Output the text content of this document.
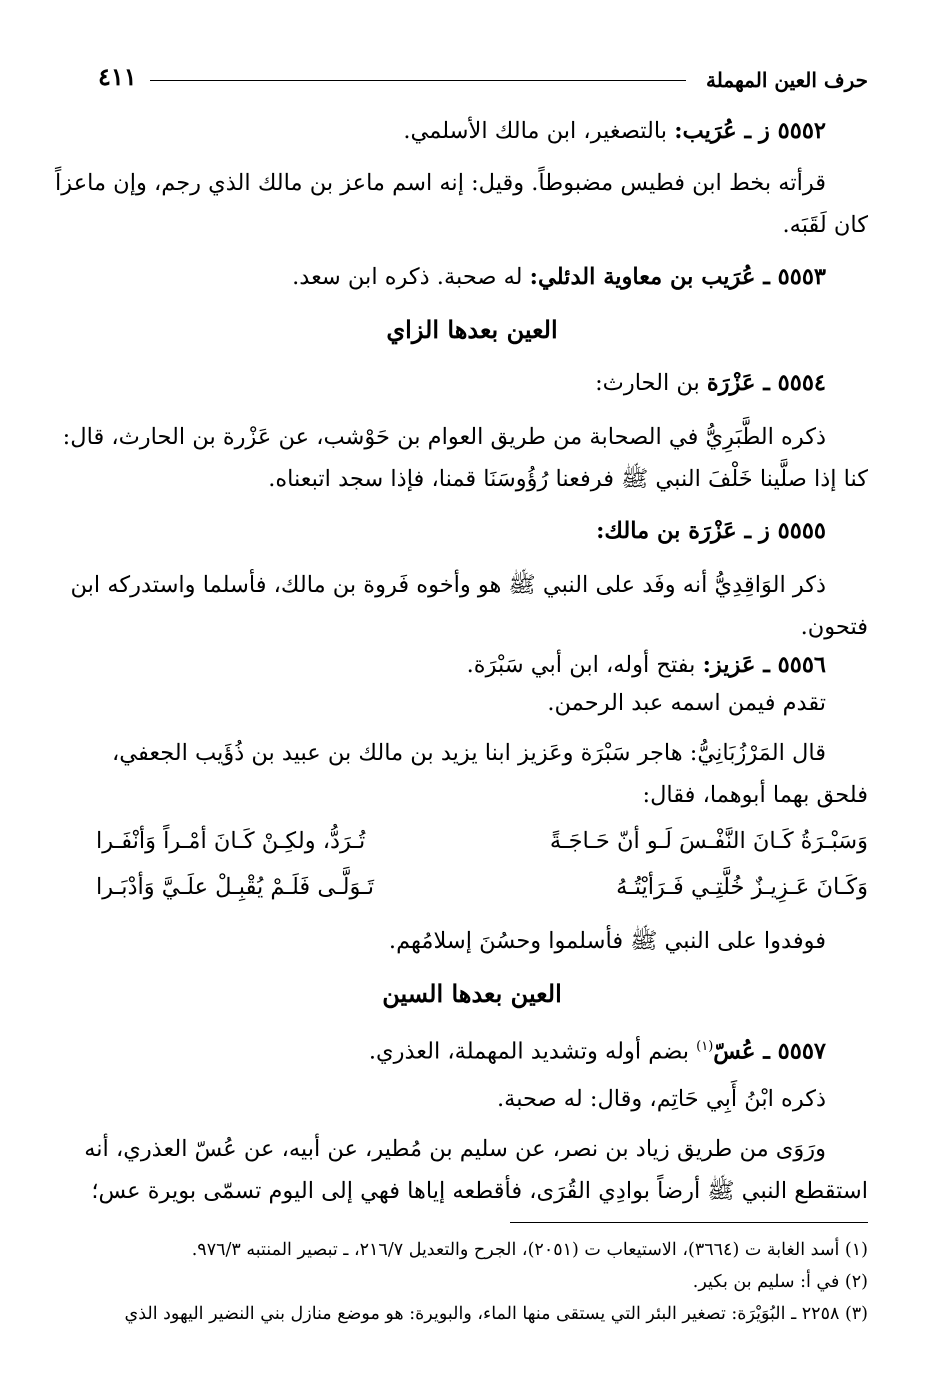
حرف العين المهملة
٤١١
٥٥٥٢ ز ـ عُرَيب: بالتصغير، ابن مالك الأسلمي.
قرأته بخط ابن فطيس مضبوطاً. وقيل: إنه اسم ماعز بن مالك الذي رجم، وإن ماعزاً
كان لَقَبَه.
٥٥٥٣ ـ عُرَيب بن معاوية الدئلي: له صحبة. ذكره ابن سعد.
العين بعدها الزاي
٥٥٥٤ ـ عَزْرَة بن الحارث:
ذكره الطَّبَرِيُّ في الصحابة من طريق العوام بن حَوْشب، عن عَزْرة بن الحارث، قال:
كنا إذا صلَّينا خَلْفَ النبي ﷺ فرفعنا رُؤُوسَنَا قمنا، فإذا سجد اتبعناه.
٥٥٥٥ ز ـ عَزْرَة بن مالك:
ذكر الوَاقِدِيُّ أنه وفَد على النبي ﷺ هو وأخوه فَروة بن مالك، فأسلما واستدركه ابن
فتحون.
٥٥٥٦ ـ عَزيز: بفتح أوله، ابن أبي سَبْرَة.
تقدم فيمن اسمه عبد الرحمن.
قال المَرْزُبَانِيُّ: هاجر سَبْرَة وعَزيز ابنا يزيد بن مالك بن عبيد بن ذُؤَيب الجعفي،
فلحق بهما أبوهما، فقال:
وَسَبْـرَةُ كَـانَ النَّفْـسَ لَـو أنّ حَـاجَـةً
تُـرَدُّ، ولكِـنْ كَـانَ أمْـراً وَأنْفَـرا
وَكَـانَ عَـزِيـزٌ خُلَّتِـي فَـرَأيْتُـهُ
تَـوَلَّـى فَلَـمْ يُقْبِـلْ علَـيَّ وَأدْبَـرا
فوفدوا على النبي ﷺ فأسلموا وحسُنَ إسلامُهم.
العين بعدها السين
٥٥٥٧ ـ عُسّ$^{(١)}$ بضم أوله وتشديد المهملة، العذري.
ذكره ابْنُ أَبِي حَاتِم، وقال: له صحبة.
ورَوَى من طريق زياد بن نصر، عن سليم بن مُطير، عن أبيه، عن عُسّ العذري، أنه
استقطع النبي ﷺ أرضاً بوادِي القُرَى، فأقطعه إياها فهي إلى اليوم تسمّى بويرة عس؛
(١) أسد الغابة ت (٣٦٦٤)، الاستيعاب ت (٢٠٥١)، الجرح والتعديل ٢١٦/٧، ـ تبصير المنتبه ٩٧٦/٣.
(٢) في أ: سليم بن بكير.
(٣) ٢٢٥٨ ـ البُوَيْرَة: تصغير البئر التي يستقى منها الماء، والبويرة: هو موضع منازل بني النضير اليهود الذي
